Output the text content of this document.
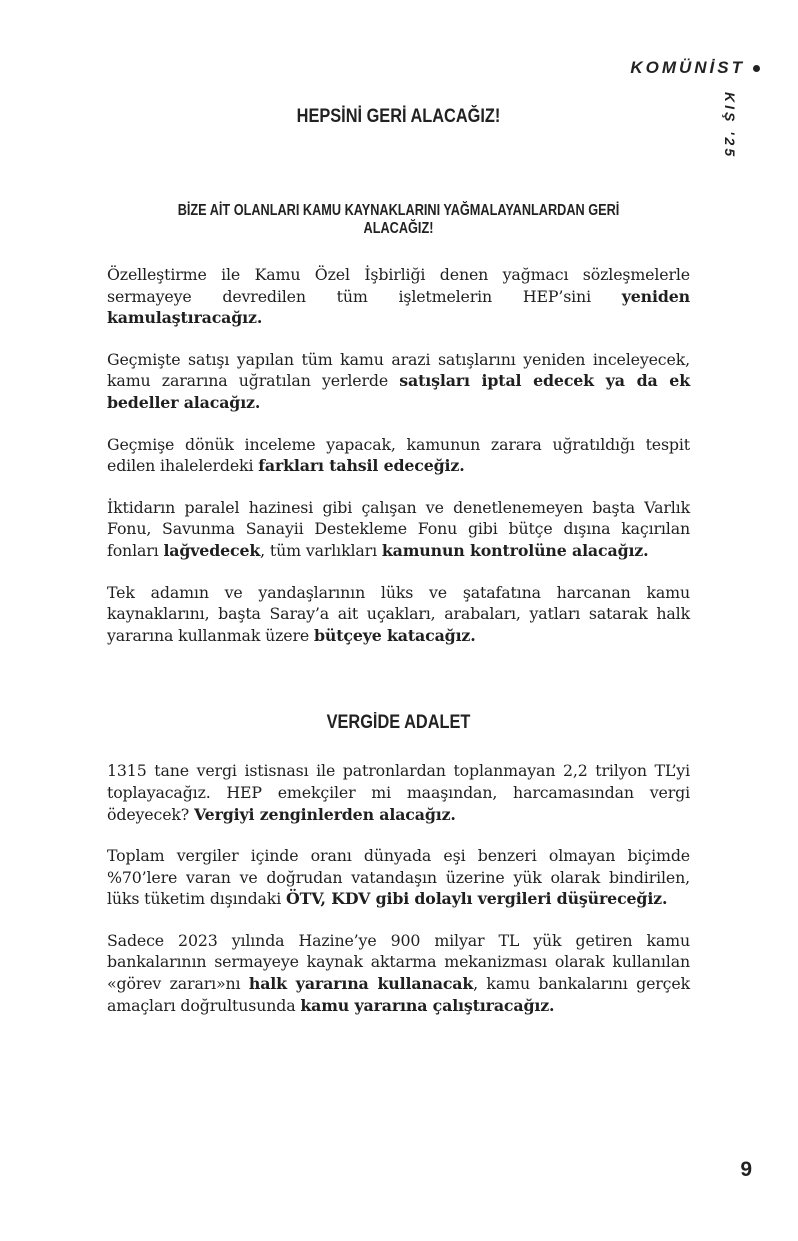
KOMÜNİST
KIŞ '25
HEPSİNİ GERİ ALACAĞIZ!
BİZE AİT OLANLARI KAMU KAYNAKLARINI YAĞMALAYANLARDAN GERİ ALACAĞIZ!

Özelleştirme ile Kamu Özel İşbirliği denen yağmacı sözleşmelerle sermayeye devredilen tüm işletmelerin HEP’sini yeniden kamulaştıracağız.

Geçmişte satışı yapılan tüm kamu arazi satışlarını yeniden inceleyecek, kamu zararına uğratılan yerlerde satışları iptal edecek ya da ek bedeller alacağız.

Geçmişe dönük inceleme yapacak, kamunun zarara uğratıldığı tespit edilen ihalelerdeki farkları tahsil edeceğiz.

İktidarın paralel hazinesi gibi çalışan ve denetlenemeyen başta Varlık Fonu, Savunma Sanayii Destekleme Fonu gibi bütçe dışına kaçırılan fonları lağvedecek, tüm varlıkları kamunun kontrolüne alacağız.

Tek adamın ve yandaşlarının lüks ve şatafatına harcanan kamu kaynaklarını, başta Saray’a ait uçakları, arabaları, yatları satarak halk yararına kullanmak üzere bütçeye katacağız.

VERGİDE ADALET

1315 tane vergi istisnası ile patronlardan toplanmayan 2,2 trilyon TL’yi toplayacağız. HEP emekçiler mi maaşından, harcamasından vergi ödeyecek? Vergiyi zenginlerden alacağız.

Toplam vergiler içinde oranı dünyada eşi benzeri olmayan biçimde %70’lere varan ve doğrudan vatandaşın üzerine yük olarak bindirilen, lüks tüketim dışındaki ÖTV, KDV gibi dolaylı vergileri düşüreceğiz.

Sadece 2023 yılında Hazine’ye 900 milyar TL yük getiren kamu bankalarının sermayeye kaynak aktarma mekanizması olarak kullanılan «görev zararı»nı halk yararına kullanacak, kamu bankalarını gerçek amaçları doğrultusunda kamu yararına çalıştıracağız.

9
